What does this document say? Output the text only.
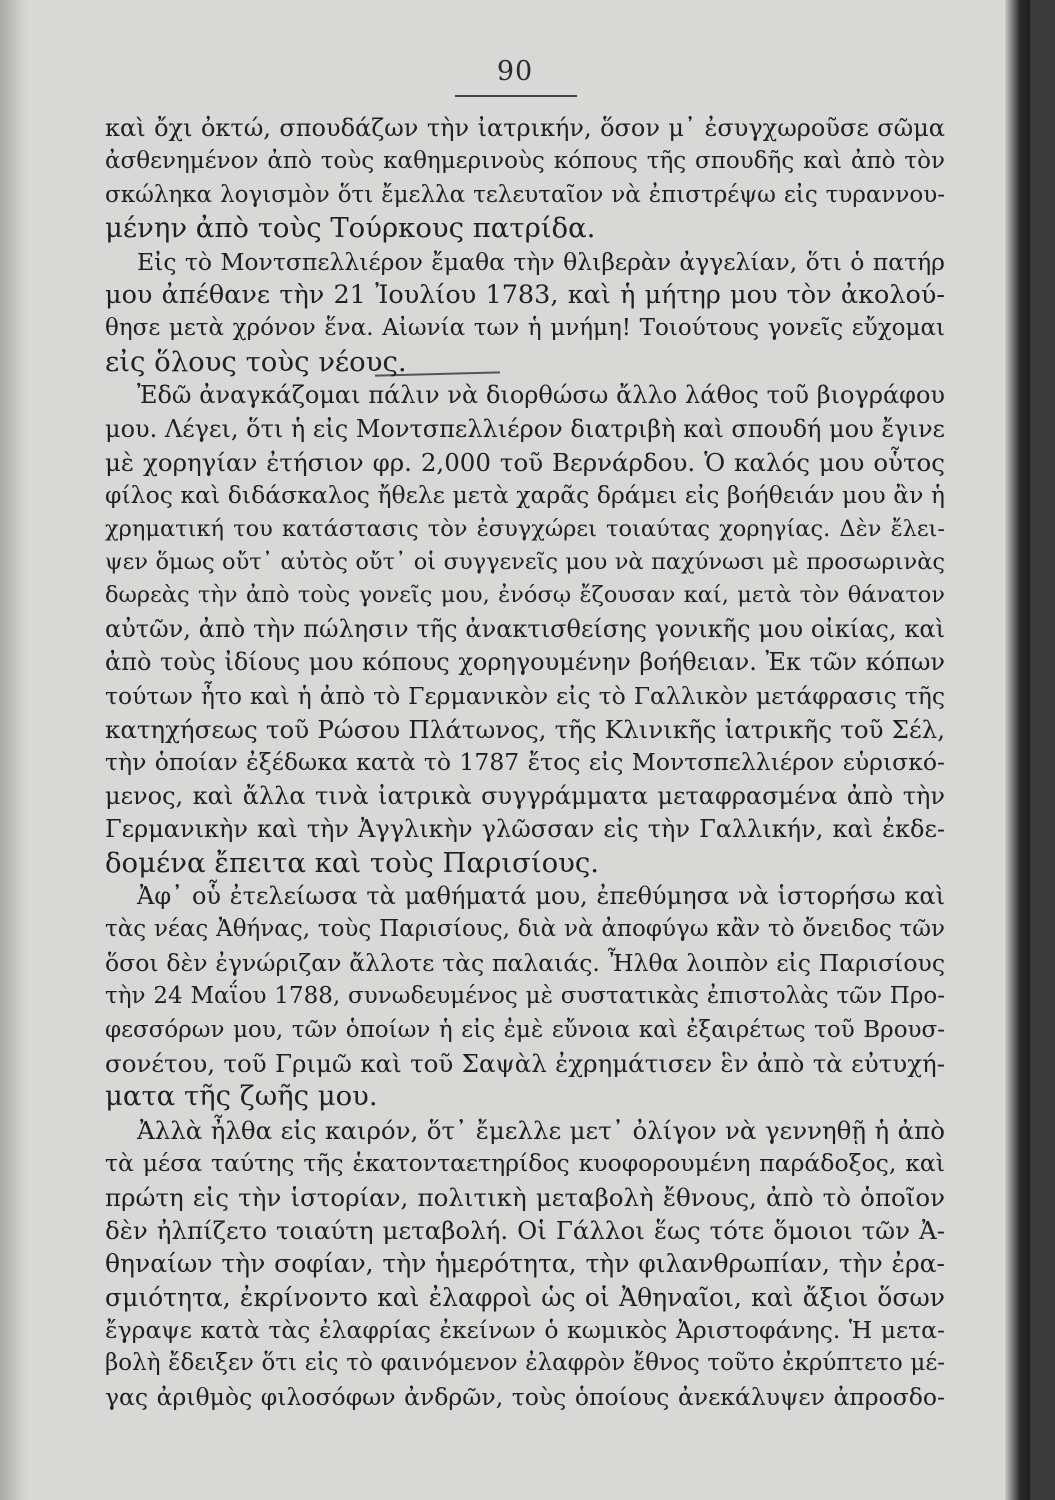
90
καὶ ὄχι ὀκτώ, σπουδάζων τὴν ἰατρικήν, ὅσον μ᾽ ἐσυγχωροῦσε σῶμα
ἀσθενημένον ἀπὸ τοὺς καθημερινοὺς κόπους τῆς σπουδῆς καὶ ἀπὸ τὸν
σκώληκα λογισμὸν ὅτι ἔμελλα τελευταῖον νὰ ἐπιστρέψω εἰς τυραννου-
μένην ἀπὸ τοὺς Τούρκους πατρίδα.
Εἰς τὸ Μοντσπελλιέρον ἔμαθα τὴν θλιβερὰν ἀγγελίαν, ὅτι ὁ πατήρ
μου ἀπέθανε τὴν 21 Ἰουλίου 1783, καὶ ἡ μήτηρ μου τὸν ἀκολού-
θησε μετὰ χρόνον ἕνα. Αἰωνία των ἡ μνήμη! Τοιούτους γονεῖς εὔχομαι
εἰς ὅλους τοὺς νέους.
Ἐδῶ ἀναγκάζομαι πάλιν νὰ διορθώσω ἄλλο λάθος τοῦ βιογράφου
μου. Λέγει, ὅτι ἡ εἰς Μοντσπελλιέρον διατριβὴ καὶ σπουδή μου ἔγινε
μὲ χορηγίαν ἐτήσιον φρ. 2,000 τοῦ Βερνάρδου. Ὁ καλός μου οὗτος
φίλος καὶ διδάσκαλος ἤθελε μετὰ χαρᾶς δράμει εἰς βοήθειάν μου ἂν ἡ
χρηματική του κατάστασις τὸν ἐσυγχώρει τοιαύτας χορηγίας. Δὲν ἔλει-
ψεν ὅμως οὔτ᾽ αὐτὸς οὔτ᾽ οἱ συγγενεῖς μου νὰ παχύνωσι μὲ προσωρινὰς
δωρεὰς τὴν ἀπὸ τοὺς γονεῖς μου, ἐνόσῳ ἔζουσαν καί, μετὰ τὸν θάνατον
αὐτῶν, ἀπὸ τὴν πώλησιν τῆς ἀνακτισθείσης γονικῆς μου οἰκίας, καὶ
ἀπὸ τοὺς ἰδίους μου κόπους χορηγουμένην βοήθειαν. Ἐκ τῶν κόπων
τούτων ἦτο καὶ ἡ ἀπὸ τὸ Γερμανικὸν εἰς τὸ Γαλλικὸν μετάφρασις τῆς
κατηχήσεως τοῦ Ρώσου Πλάτωνος, τῆς Κλινικῆς ἰατρικῆς τοῦ Σέλ,
τὴν ὁποίαν ἐξέδωκα κατὰ τὸ 1787 ἔτος εἰς Μοντσπελλιέρον εὑρισκό-
μενος, καὶ ἄλλα τινὰ ἰατρικὰ συγγράμματα μεταφρασμένα ἀπὸ τὴν
Γερμανικὴν καὶ τὴν Ἀγγλικὴν γλῶσσαν εἰς τὴν Γαλλικήν, καὶ ἐκδε-
δομένα ἔπειτα καὶ τοὺς Παρισίους.
Ἀφ᾽ οὗ ἐτελείωσα τὰ μαθήματά μου, ἐπεθύμησα νὰ ἱστορήσω καὶ
τὰς νέας Ἀθήνας, τοὺς Παρισίους, διὰ νὰ ἀποφύγω κἂν τὸ ὄνειδος τῶν
ὅσοι δὲν ἐγνώριζαν ἄλλοτε τὰς παλαιάς. Ἦλθα λοιπὸν εἰς Παρισίους
τὴν 24 Μαΐου 1788, συνωδευμένος μὲ συστατικὰς ἐπιστολὰς τῶν Προ-
φεσσόρων μου, τῶν ὁποίων ἡ εἰς ἐμὲ εὔνοια καὶ ἐξαιρέτως τοῦ Βρουσ-
σονέτου, τοῦ Γριμῶ καὶ τοῦ Σαψὰλ ἐχρημάτισεν ἓν ἀπὸ τὰ εὐτυχή-
ματα τῆς ζωῆς μου.
Ἀλλὰ ἦλθα εἰς καιρόν, ὅτ᾽ ἔμελλε μετ᾽ ὀλίγον νὰ γεννηθῇ ἡ ἀπὸ
τὰ μέσα ταύτης τῆς ἑκατονταετηρίδος κυοφορουμένη παράδοξος, καὶ
πρώτη εἰς τὴν ἱστορίαν, πολιτικὴ μεταβολὴ ἔθνους, ἀπὸ τὸ ὁποῖον
δὲν ἠλπίζετο τοιαύτη μεταβολή. Οἱ Γάλλοι ἕως τότε ὅμοιοι τῶν Ἀ-
θηναίων τὴν σοφίαν, τὴν ἡμερότητα, τὴν φιλανθρωπίαν, τὴν ἐρα-
σμιότητα, ἐκρίνοντο καὶ ἐλαφροὶ ὡς οἱ Ἀθηναῖοι, καὶ ἄξιοι ὅσων
ἔγραψε κατὰ τὰς ἐλαφρίας ἐκείνων ὁ κωμικὸς Ἀριστοφάνης. Ἡ μετα-
βολὴ ἔδειξεν ὅτι εἰς τὸ φαινόμενον ἐλαφρὸν ἔθνος τοῦτο ἐκρύπτετο μέ-
γας ἀριθμὸς φιλοσόφων ἀνδρῶν, τοὺς ὁποίους ἀνεκάλυψεν ἀπροσδο-
